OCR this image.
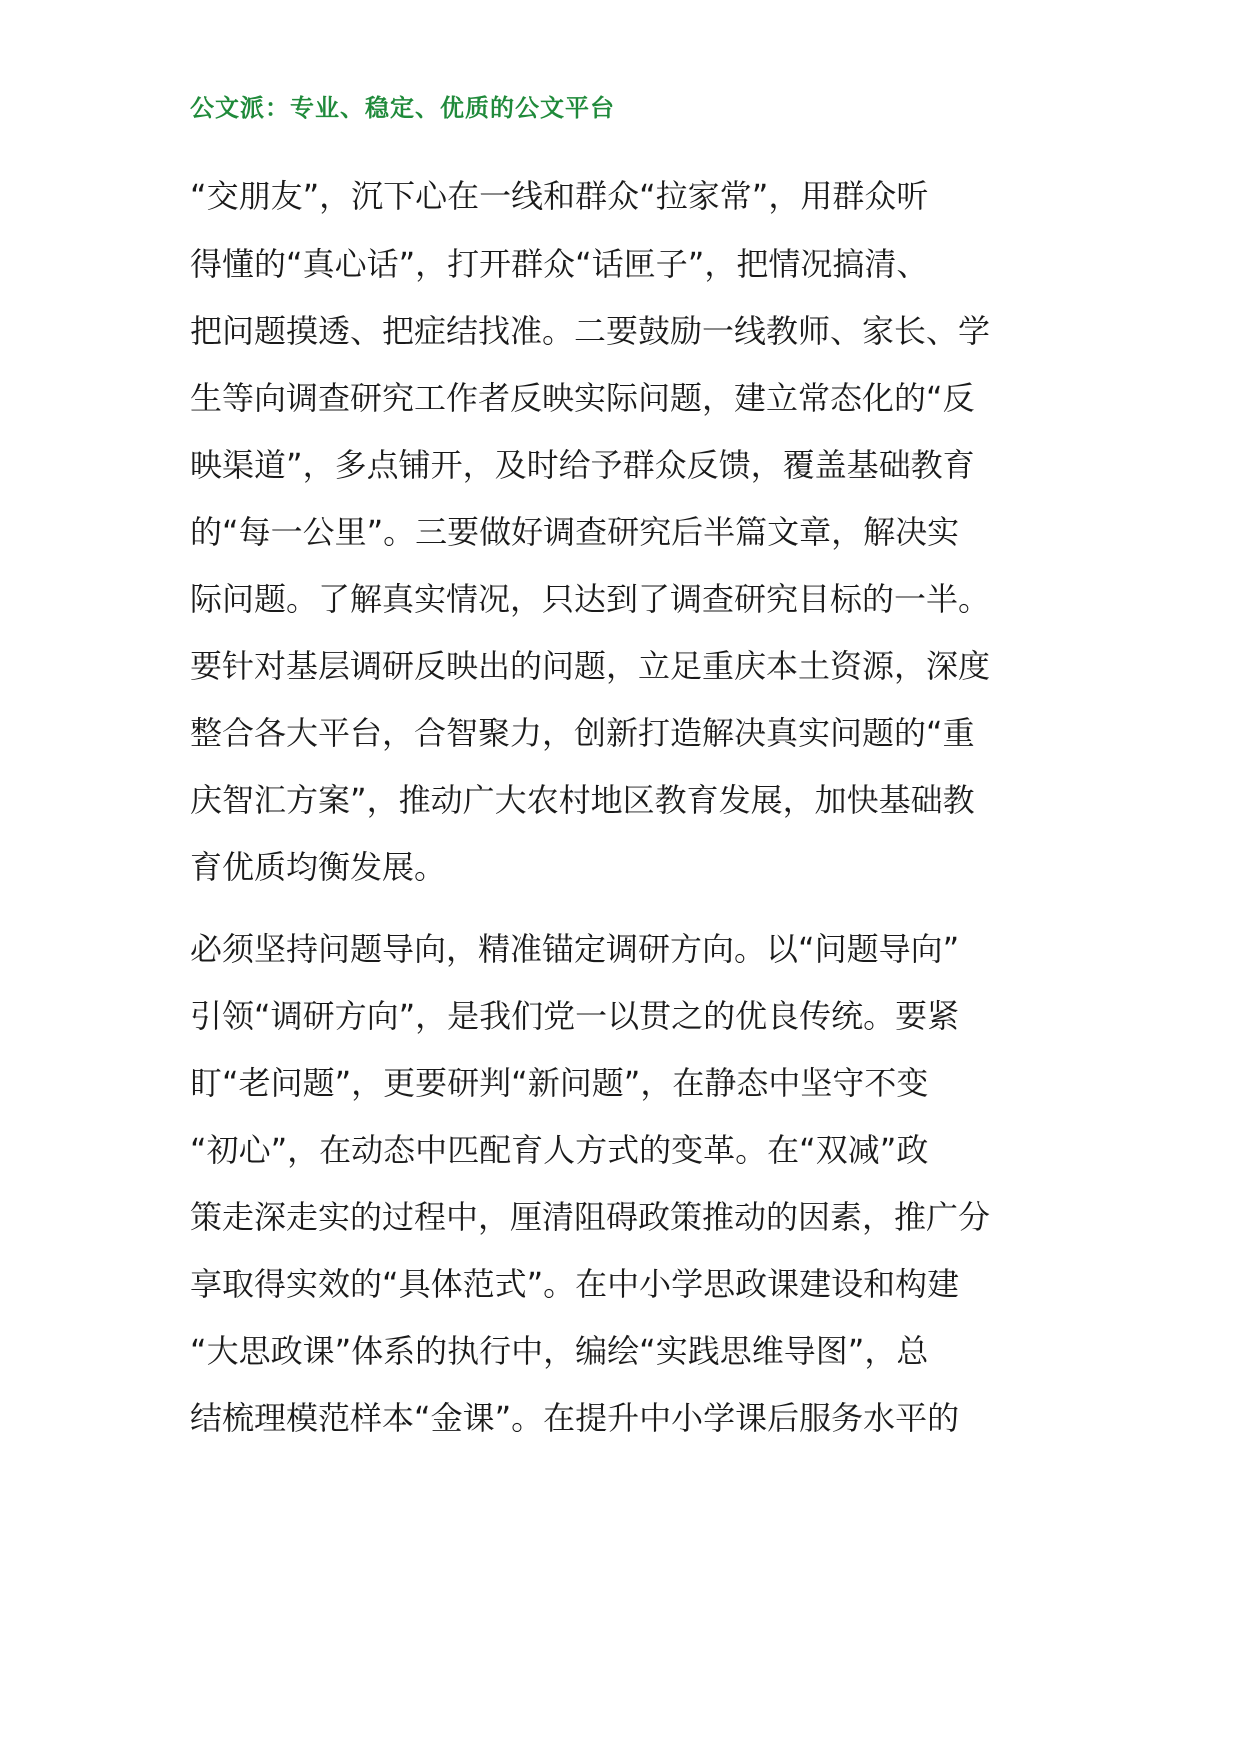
公文派：专业、稳定、优质的公文平台
“交朋友”，沉下心在一线和群众“拉家常”，用群众听
得懂的“真心话”，打开群众“话匣子”，把情况搞清、
把问题摸透、把症结找准。二要鼓励一线教师、家长、学
生等向调查研究工作者反映实际问题，建立常态化的“反
映渠道”，多点铺开，及时给予群众反馈，覆盖基础教育
的“每一公里”。三要做好调查研究后半篇文章，解决实
际问题。了解真实情况，只达到了调查研究目标的一半。
要针对基层调研反映出的问题，立足重庆本土资源，深度
整合各大平台，合智聚力，创新打造解决真实问题的“重
庆智汇方案”，推动广大农村地区教育发展，加快基础教
育优质均衡发展。
必须坚持问题导向，精准锚定调研方向。以“问题导向”
引领“调研方向”，是我们党一以贯之的优良传统。要紧
盯“老问题”，更要研判“新问题”，在静态中坚守不变
“初心”，在动态中匹配育人方式的变革。在“双减”政
策走深走实的过程中，厘清阻碍政策推动的因素，推广分
享取得实效的“具体范式”。在中小学思政课建设和构建
“大思政课”体系的执行中，编绘“实践思维导图”，总
结梳理模范样本“金课”。在提升中小学课后服务水平的
